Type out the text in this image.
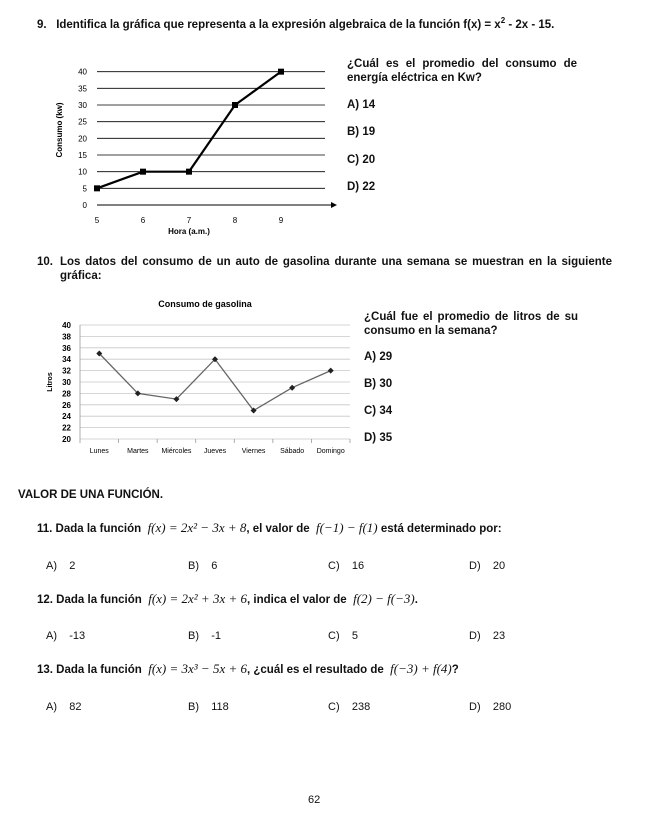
9. Identifica la gráfica que representa a la expresión algebraica de la función $f(x) = x^2 - 2x - 15$.
0
5
10
15
20
25
30
35
40
5	6	7	8	9
Hora (a.m.)
Consumo (kw)
¿Cuál es el promedio del consumo de energía eléctrica en Kw?
A) 14
B) 19
C) 20
D) 22
10. Los datos del consumo de un auto de gasolina durante una semana se muestran en la siguiente gráfica:
Consumo de gasolina
20
22
24
26
28
30
32
34
36
38
40
Lunes	Martes Miércoles Jueves Viernes Sábado Domingo
Litros
¿Cuál fue el promedio de litros de su consumo en la semana?
A) 29
B) 30
C) 34
D) 35
VALOR DE UNA FUNCIÓN.
11. Dada la función f(x) = 2x² − 3x + 8, el valor de f(−1) − f(1) está determinado por:
A) 2	B) 6	C) 16	D) 20
12. Dada la función f(x) = 2x² + 3x + 6, indica el valor de f(2) − f(−3).
A) -13	B) -1	C) 5	D) 23
13. Dada la función f(x) = 3x³ − 5x + 6, ¿cuál es el resultado de f(−3) + f(4)?
A) 82	B) 118	C) 238	D) 280
62
